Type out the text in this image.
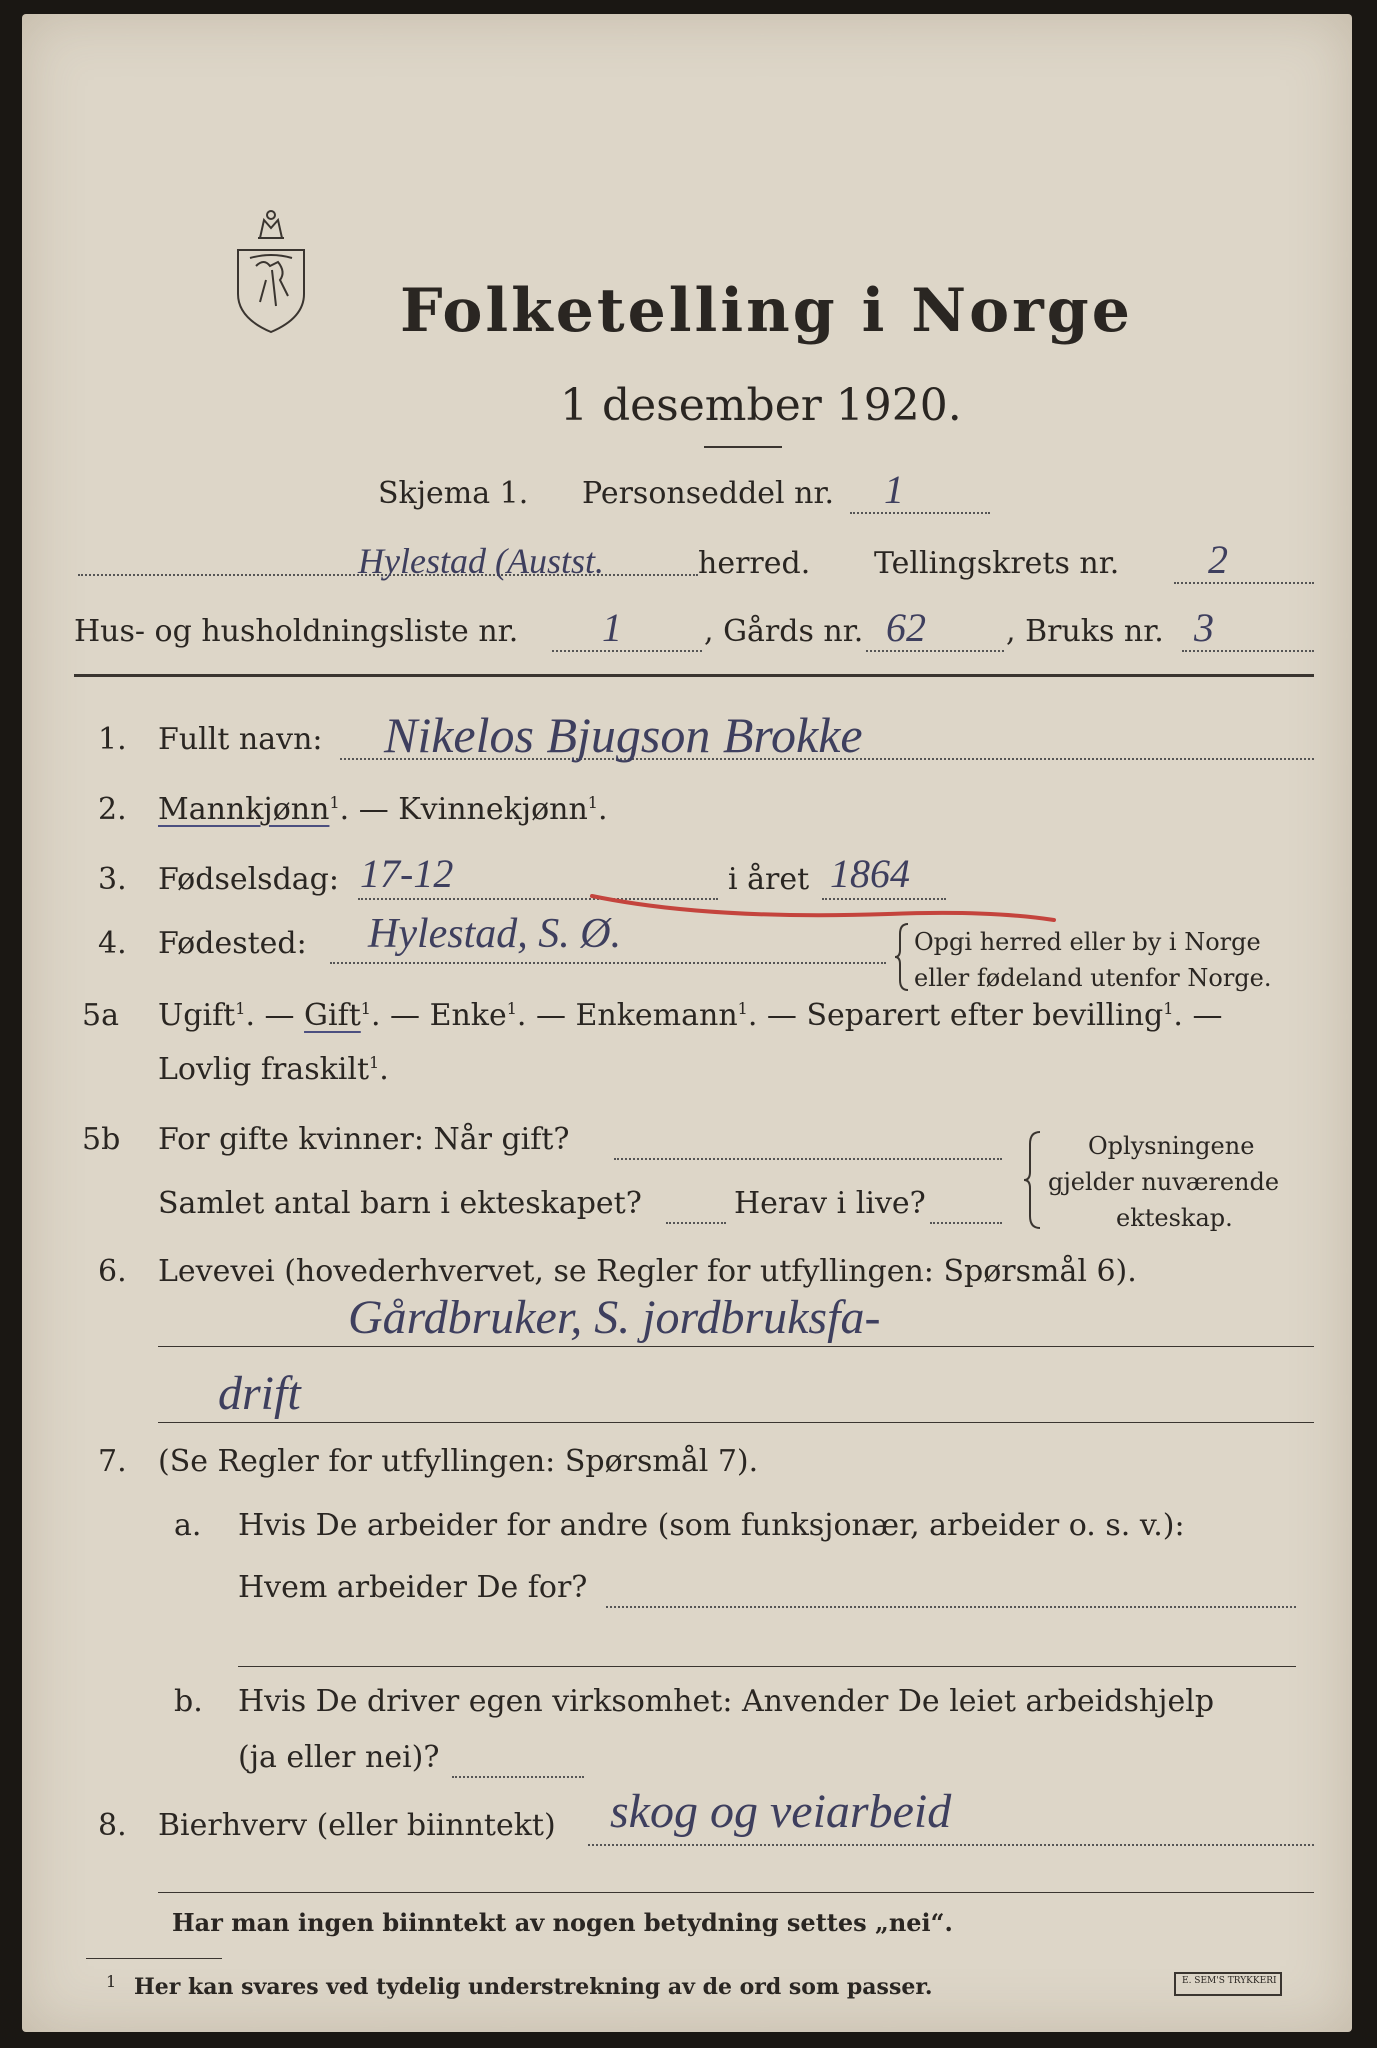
Folketelling i Norge
1 desember 1920.
Skjema 1. Personseddel nr. 1
Hylestad (Austst.	herred. Tellingskrets nr. 2
Hus- og husholdningsliste nr. 1	, Gårds nr. 62	, Bruks nr. 3
1. Fullt navn: Nikelos Bjugson Brokke
2. Mannkjønn$^1$. — Kvinnekjønn$^1$.
3. Fødselsdag: 17-12	i året 1864
4. Fødested: Hylestad, S. Ø.	Opgi herred eller by i Norge
eller fødeland utenfor Norge.
5a Ugift$^1$. — Gift$^1$. — Enke$^1$. — Enkemann$^1$. — Separert efter bevilling$^1$. —
Lovlig fraskilt$^1$.
5b For gifte kvinner: Når gift?
Samlet antal barn i ekteskapet?	Herav i live?
Oplysningene
gjelder nuværende
ekteskap.
6. Levevei (hovederhvervet, se Regler for utfyllingen: Spørsmål 6).
Gårdbruker, S. jordbruksfa-
drift
7. (Se Regler for utfyllingen: Spørsmål 7).
a. Hvis De arbeider for andre (som funksjonær, arbeider o. s. v.):
Hvem arbeider De for?
b. Hvis De driver egen virksomhet: Anvender De leiet arbeidshjelp
(ja eller nei)?
8. Bierhverv (eller biinntekt) skog og veiarbeid
Har man ingen biinntekt av nogen betydning settes „nei“.
1 Her kan svares ved tydelig understrekning av de ord som passer.	E. SEM'S TRYKKERI
